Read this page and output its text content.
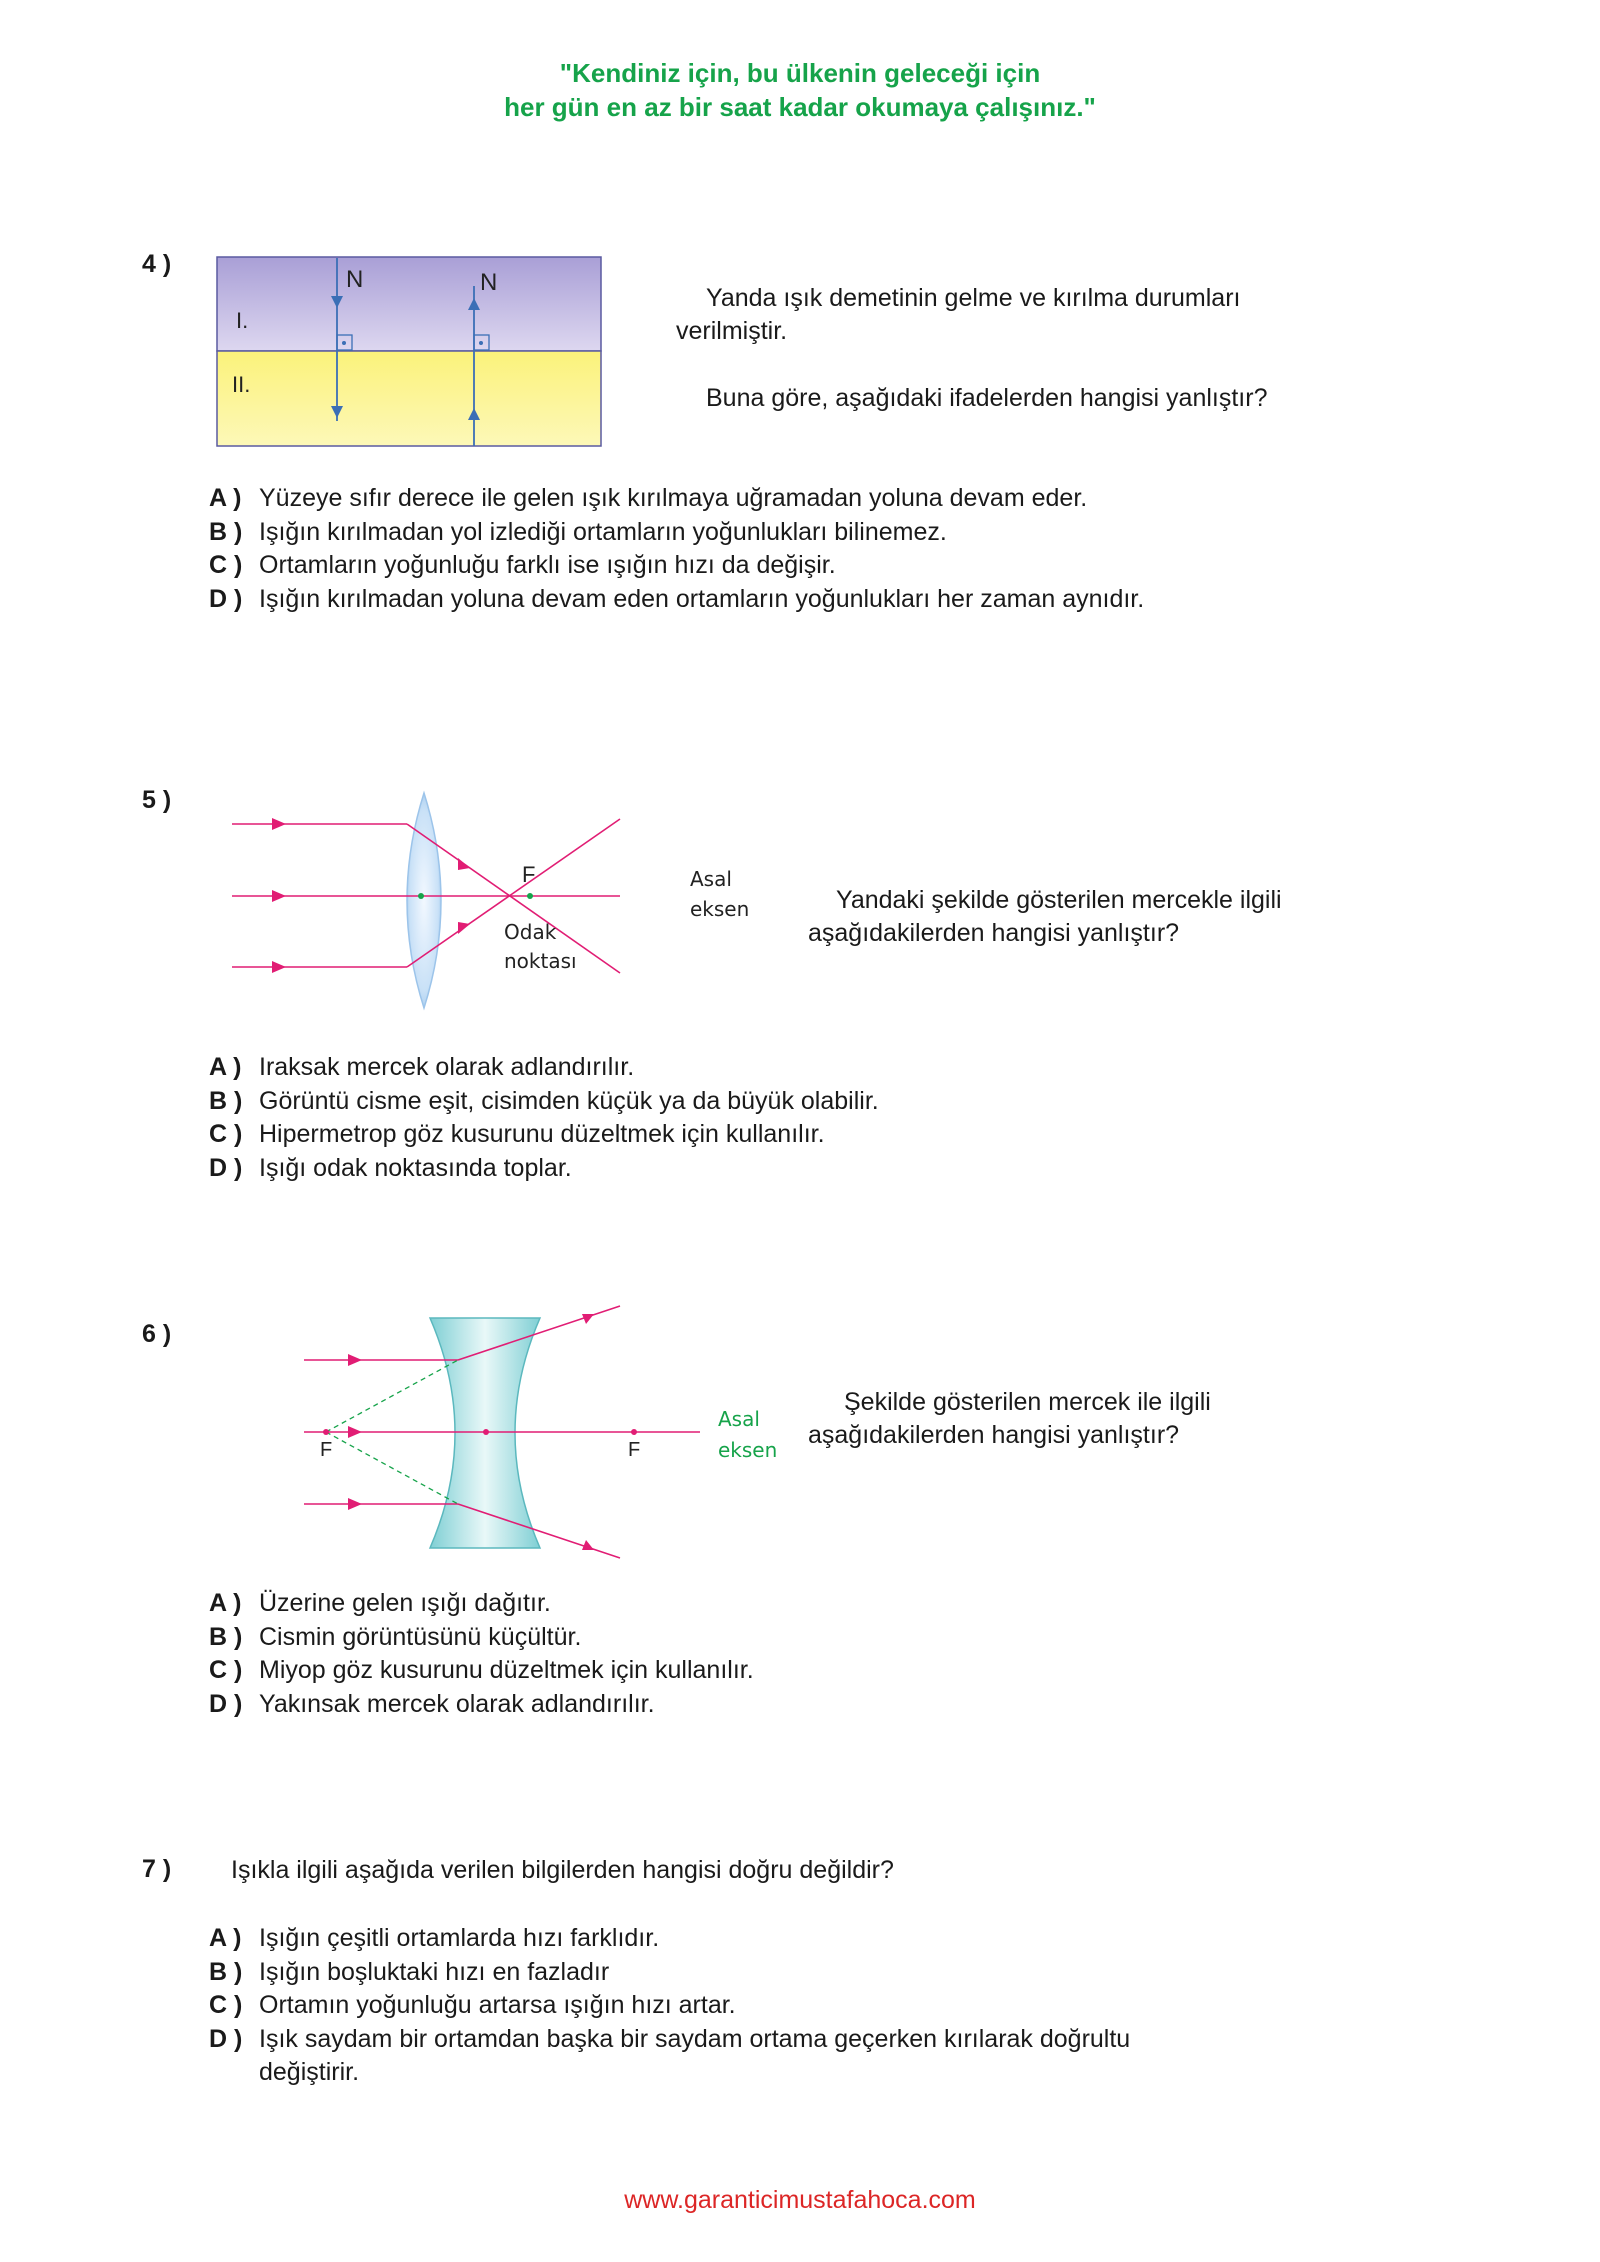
"Kendiniz için, bu ülkenin geleceği için
her gün en az bir saat kadar okumaya çalışınız."
4 )
N	N
I.
II.
Yanda ışık demetinin gelme ve kırılma durumları
verilmiştir.
Buna göre, aşağıdaki ifadelerden hangisi yanlıştır?
A ) Yüzeye sıfır derece ile gelen ışık kırılmaya uğramadan yoluna devam eder.
B ) Işığın kırılmadan yol izlediği ortamların yoğunlukları bilinemez.
C ) Ortamların yoğunluğu farklı ise ışığın hızı da değişir.
D ) Işığın kırılmadan yoluna devam eden ortamların yoğunlukları her zaman aynıdır.
5 )
F
Odak
noktası
Asal
eksen	Yandaki şekilde gösterilen mercekle ilgili
aşağıdakilerden hangisi yanlıştır?
A ) Iraksak mercek olarak adlandırılır.
B ) Görüntü cisme eşit, cisimden küçük ya da büyük olabilir.
C ) Hipermetrop göz kusurunu düzeltmek için kullanılır.
D ) Işığı odak noktasında toplar.
6 )
F	F
Asal
eksen
Şekilde gösterilen mercek ile ilgili
aşağıdakilerden hangisi yanlıştır?
A ) Üzerine gelen ışığı dağıtır.
B ) Cismin görüntüsünü küçültür.
C ) Miyop göz kusurunu düzeltmek için kullanılır.
D ) Yakınsak mercek olarak adlandırılır.
7 ) Işıkla ilgili aşağıda verilen bilgilerden hangisi doğru değildir?
A ) Işığın çeşitli ortamlarda hızı farklıdır.
B ) Işığın boşluktaki hızı en fazladır
C ) Ortamın yoğunluğu artarsa ışığın hızı artar.
D ) Işık saydam bir ortamdan başka bir saydam ortama geçerken kırılarak doğrultu
değiştirir.
www.garanticimustafahoca.com
